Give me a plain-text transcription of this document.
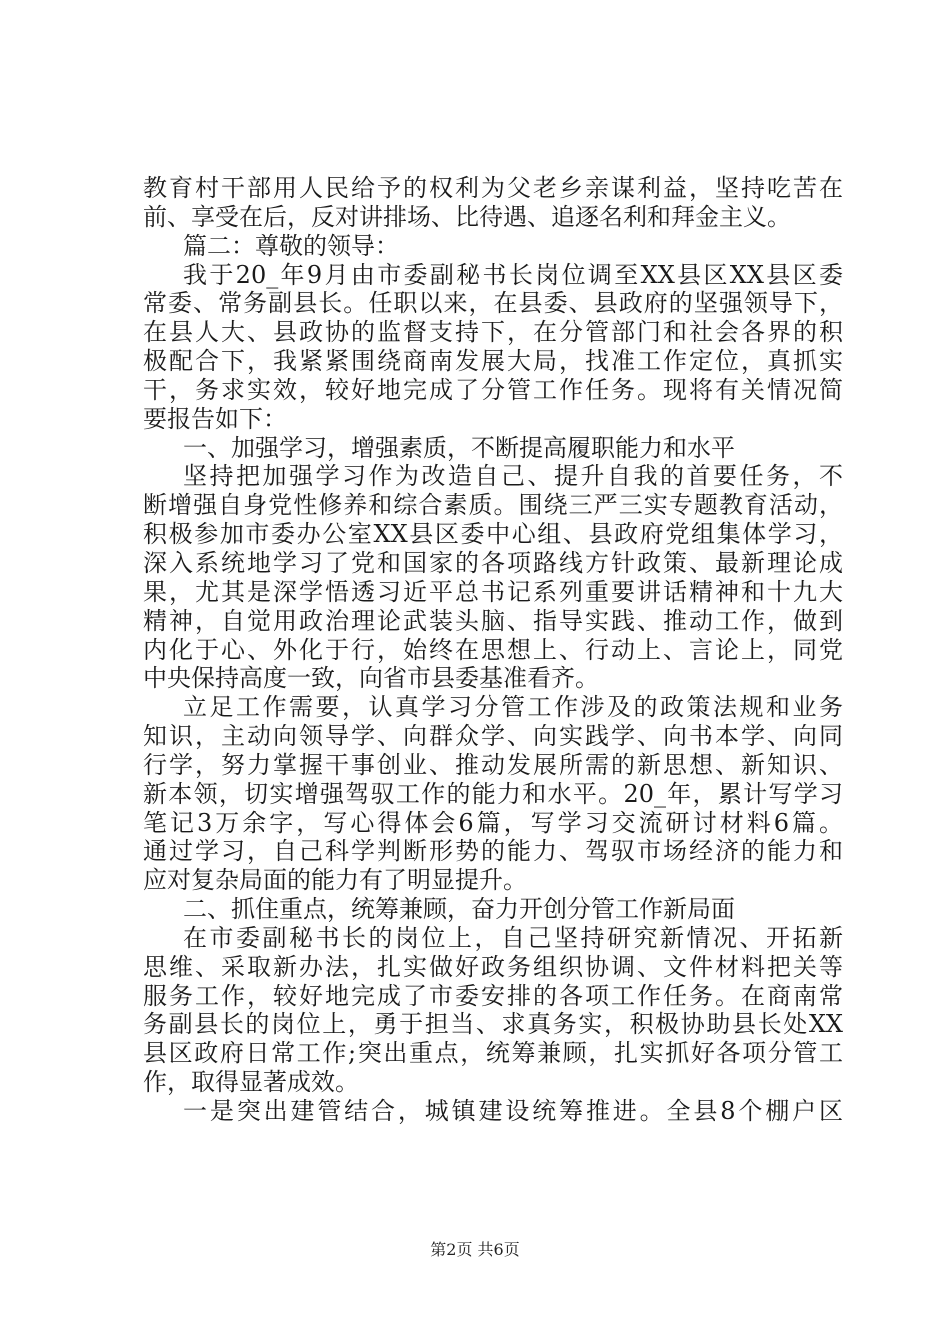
教育村干部用人民给予的权利为父老乡亲谋利益，坚持吃苦在
前、享受在后，反对讲排场、比待遇、追逐名利和拜金主义。
篇二：尊敬的领导：
我于20_年9月由市委副秘书长岗位调至XX县区XX县区委
常委、常务副县长。任职以来，在县委、县政府的坚强领导下，
在县人大、县政协的监督支持下，在分管部门和社会各界的积
极配合下，我紧紧围绕商南发展大局，找准工作定位，真抓实
干，务求实效，较好地完成了分管工作任务。现将有关情况简
要报告如下：
一、加强学习，增强素质，不断提高履职能力和水平
坚持把加强学习作为改造自己、提升自我的首要任务，不
断增强自身党性修养和综合素质。围绕三严三实专题教育活动，
积极参加市委办公室XX县区委中心组、县政府党组集体学习，
深入系统地学习了党和国家的各项路线方针政策、最新理论成
果，尤其是深学悟透习近平总书记系列重要讲话精神和十九大
精神，自觉用政治理论武装头脑、指导实践、推动工作，做到
内化于心、外化于行，始终在思想上、行动上、言论上，同党
中央保持高度一致，向省市县委基准看齐。
立足工作需要，认真学习分管工作涉及的政策法规和业务
知识，主动向领导学、向群众学、向实践学、向书本学、向同
行学，努力掌握干事创业、推动发展所需的新思想、新知识、
新本领，切实增强驾驭工作的能力和水平。20_年，累计写学习
笔记3万余字，写心得体会6篇，写学习交流研讨材料6篇。
通过学习，自己科学判断形势的能力、驾驭市场经济的能力和
应对复杂局面的能力有了明显提升。
二、抓住重点，统筹兼顾，奋力开创分管工作新局面
在市委副秘书长的岗位上，自己坚持研究新情况、开拓新
思维、采取新办法，扎实做好政务组织协调、文件材料把关等
服务工作，较好地完成了市委安排的各项工作任务。在商南常
务副县长的岗位上，勇于担当、求真务实，积极协助县长处XX
县区政府日常工作;突出重点，统筹兼顾，扎实抓好各项分管工
作，取得显著成效。
一是突出建管结合，城镇建设统筹推进。全县8个棚户区
第2页 共6页
